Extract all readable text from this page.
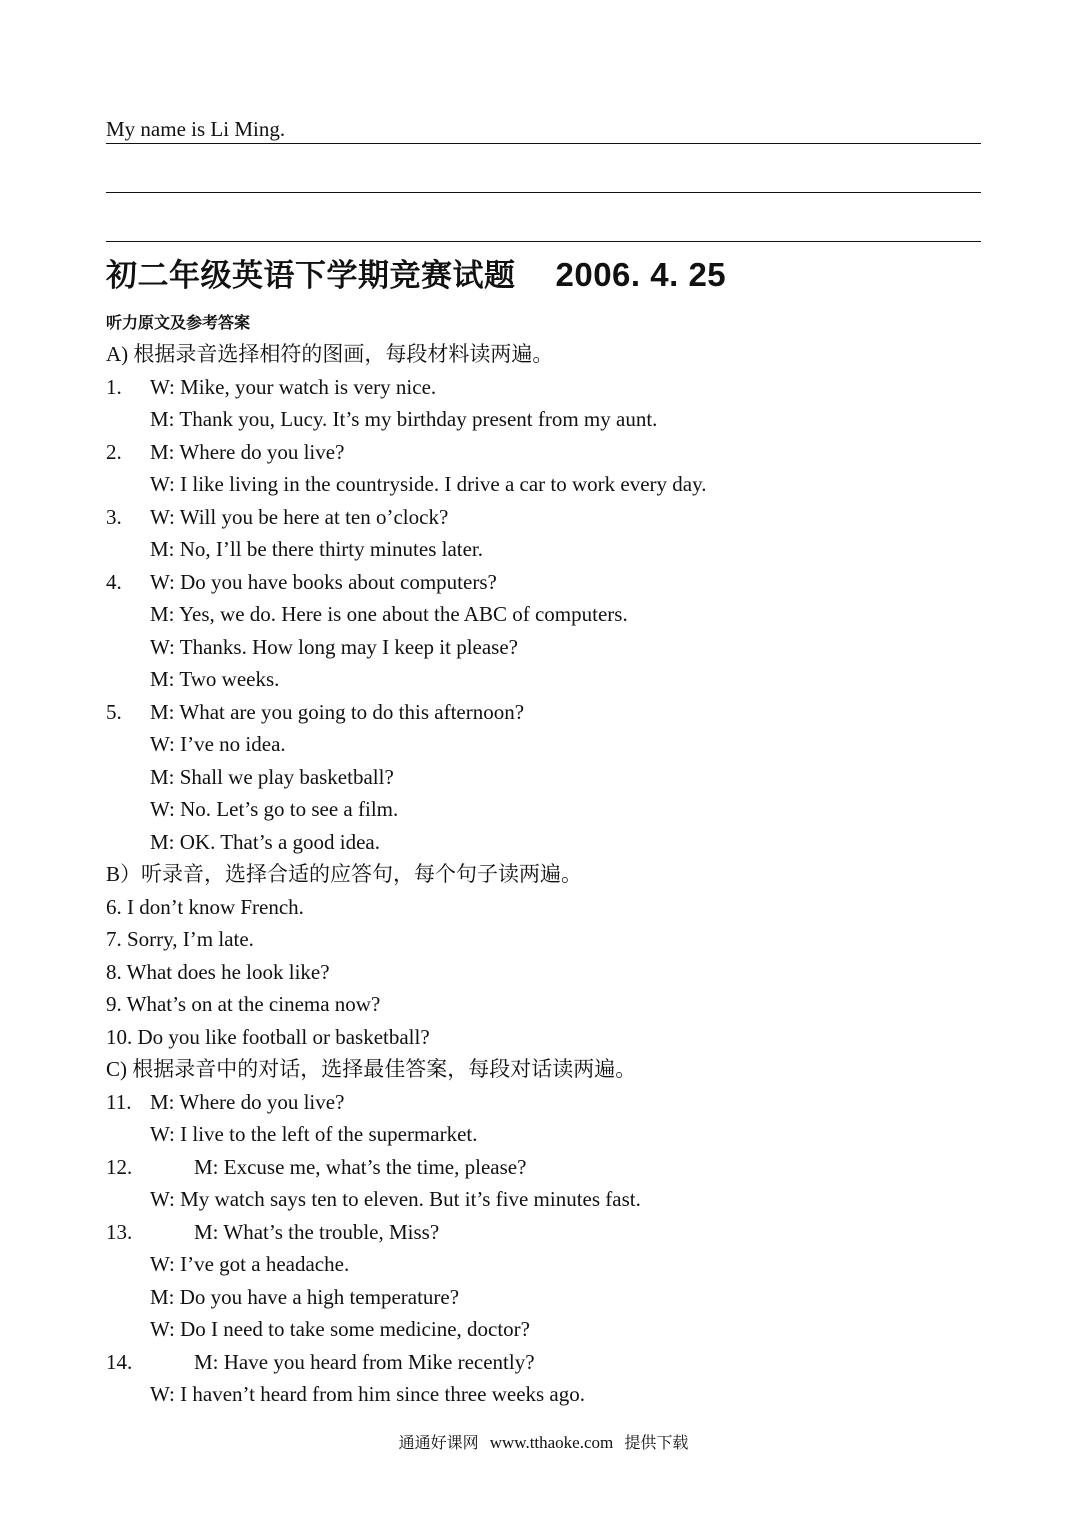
My name is Li Ming.
初二年级英语下学期竞赛试题 2006. 4. 25
听力原文及参考答案
A) 根据录音选择相符的图画，每段材料读两遍。
1. W: Mike, your watch is very nice.
M: Thank you, Lucy. It’s my birthday present from my aunt.
2. M: Where do you live?
W: I like living in the countryside. I drive a car to work every day.
3. W: Will you be here at ten o’clock?
M: No, I’ll be there thirty minutes later.
4. W: Do you have books about computers?
M: Yes, we do. Here is one about the ABC of computers.
W: Thanks. How long may I keep it please?
M: Two weeks.
5. M: What are you going to do this afternoon?
W: I’ve no idea.
M: Shall we play basketball?
W: No. Let’s go to see a film.
M: OK. That’s a good idea.
B）听录音，选择合适的应答句，每个句子读两遍。
6. I don’t know French.
7. Sorry, I’m late.
8. What does he look like?
9. What’s on at the cinema now?
10. Do you like football or basketball?
C) 根据录音中的对话，选择最佳答案，每段对话读两遍。
11. M: Where do you live?
W: I live to the left of the supermarket.
12.	M: Excuse me, what’s the time, please?
W: My watch says ten to eleven. But it’s five minutes fast.
13.	M: What’s the trouble, Miss?
W: I’ve got a headache.
M: Do you have a high temperature?
W: Do I need to take some medicine, doctor?
14.	M: Have you heard from Mike recently?
W: I haven’t heard from him since three weeks ago.
通通好课网 www.tthaoke.com 提供下载
